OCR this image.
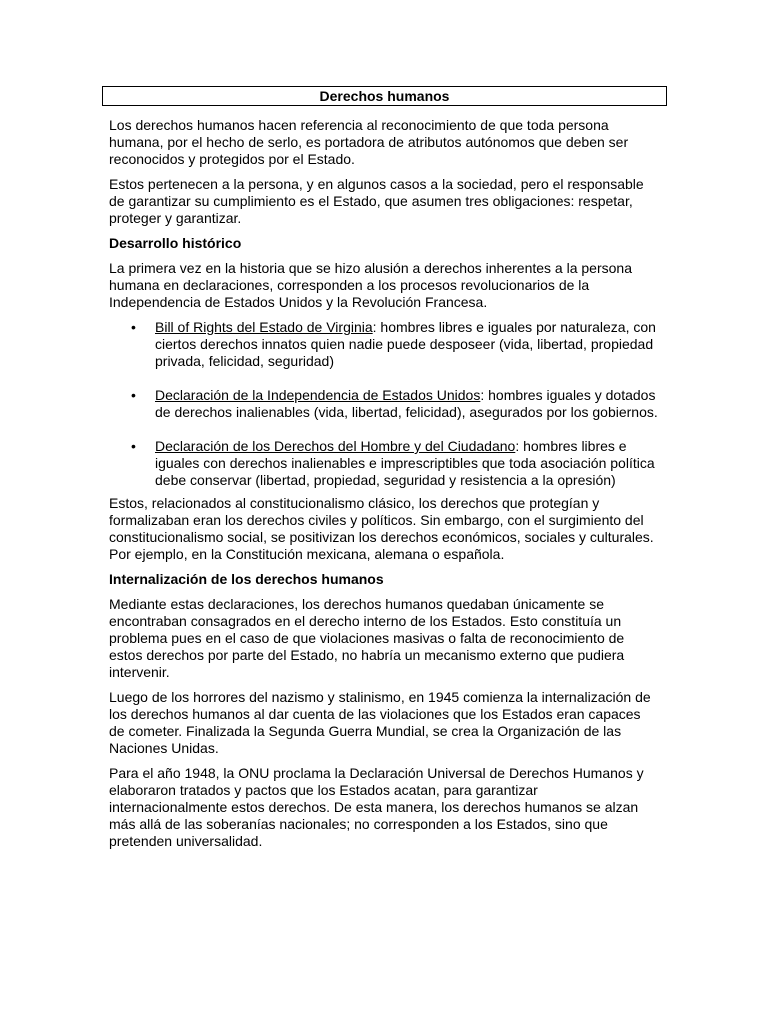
Derechos humanos

Los derechos humanos hacen referencia al reconocimiento de que toda persona humana, por el hecho de serlo, es portadora de atributos autónomos que deben ser reconocidos y protegidos por el Estado.

Estos pertenecen a la persona, y en algunos casos a la sociedad, pero el responsable de garantizar su cumplimiento es el Estado, que asumen tres obligaciones: respetar, proteger y garantizar.

Desarrollo histórico

La primera vez en la historia que se hizo alusión a derechos inherentes a la persona humana en declaraciones, corresponden a los procesos revolucionarios de la Independencia de Estados Unidos y la Revolución Francesa.

• Bill of Rights del Estado de Virginia: hombres libres e iguales por naturaleza, con ciertos derechos innatos quien nadie puede desposeer (vida, libertad, propiedad privada, felicidad, seguridad)
• Declaración de la Independencia de Estados Unidos: hombres iguales y dotados de derechos inalienables (vida, libertad, felicidad), asegurados por los gobiernos.
• Declaración de los Derechos del Hombre y del Ciudadano: hombres libres e iguales con derechos inalienables e imprescriptibles que toda asociación política debe conservar (libertad, propiedad, seguridad y resistencia a la opresión)

Estos, relacionados al constitucionalismo clásico, los derechos que protegían y formalizaban eran los derechos civiles y políticos. Sin embargo, con el surgimiento del constitucionalismo social, se positivizan los derechos económicos, sociales y culturales. Por ejemplo, en la Constitución mexicana, alemana o española.

Internalización de los derechos humanos

Mediante estas declaraciones, los derechos humanos quedaban únicamente se encontraban consagrados en el derecho interno de los Estados. Esto constituía un problema pues en el caso de que violaciones masivas o falta de reconocimiento de estos derechos por parte del Estado, no habría un mecanismo externo que pudiera intervenir.

Luego de los horrores del nazismo y stalinismo, en 1945 comienza la internalización de los derechos humanos al dar cuenta de las violaciones que los Estados eran capaces de cometer. Finalizada la Segunda Guerra Mundial, se crea la Organización de las Naciones Unidas.

Para el año 1948, la ONU proclama la Declaración Universal de Derechos Humanos y elaboraron tratados y pactos que los Estados acatan, para garantizar internacionalmente estos derechos. De esta manera, los derechos humanos se alzan más allá de las soberanías nacionales; no corresponden a los Estados, sino que pretenden universalidad.
